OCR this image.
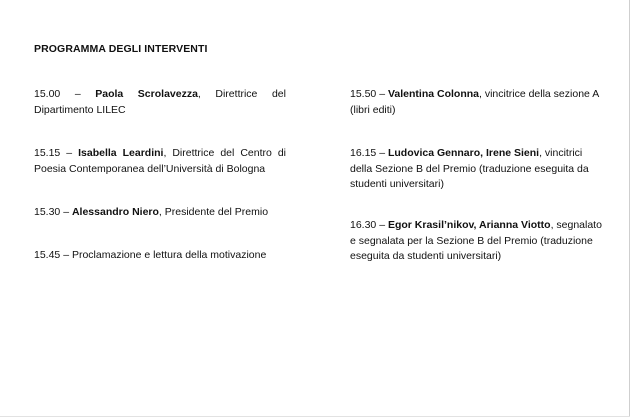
PROGRAMMA DEGLI INTERVENTI
15.00 – Paola Scrolavezza, Direttrice del Dipartimento LILEC
15.15 – Isabella Leardini, Direttrice del Centro di Poesia Contemporanea dell’Università di Bologna
15.30 – Alessandro Niero, Presidente del Premio
15.45 – Proclamazione e lettura della motivazione
15.50 – Valentina Colonna, vincitrice della sezione A (libri editi)
16.15 – Ludovica Gennaro, Irene Sieni, vincitrici della Sezione B del Premio (traduzione eseguita da studenti universitari)
16.30 – Egor Krasil’nikov, Arianna Viotto, segnalato e segnalata per la Sezione B del Premio (traduzione eseguita da studenti universitari)
